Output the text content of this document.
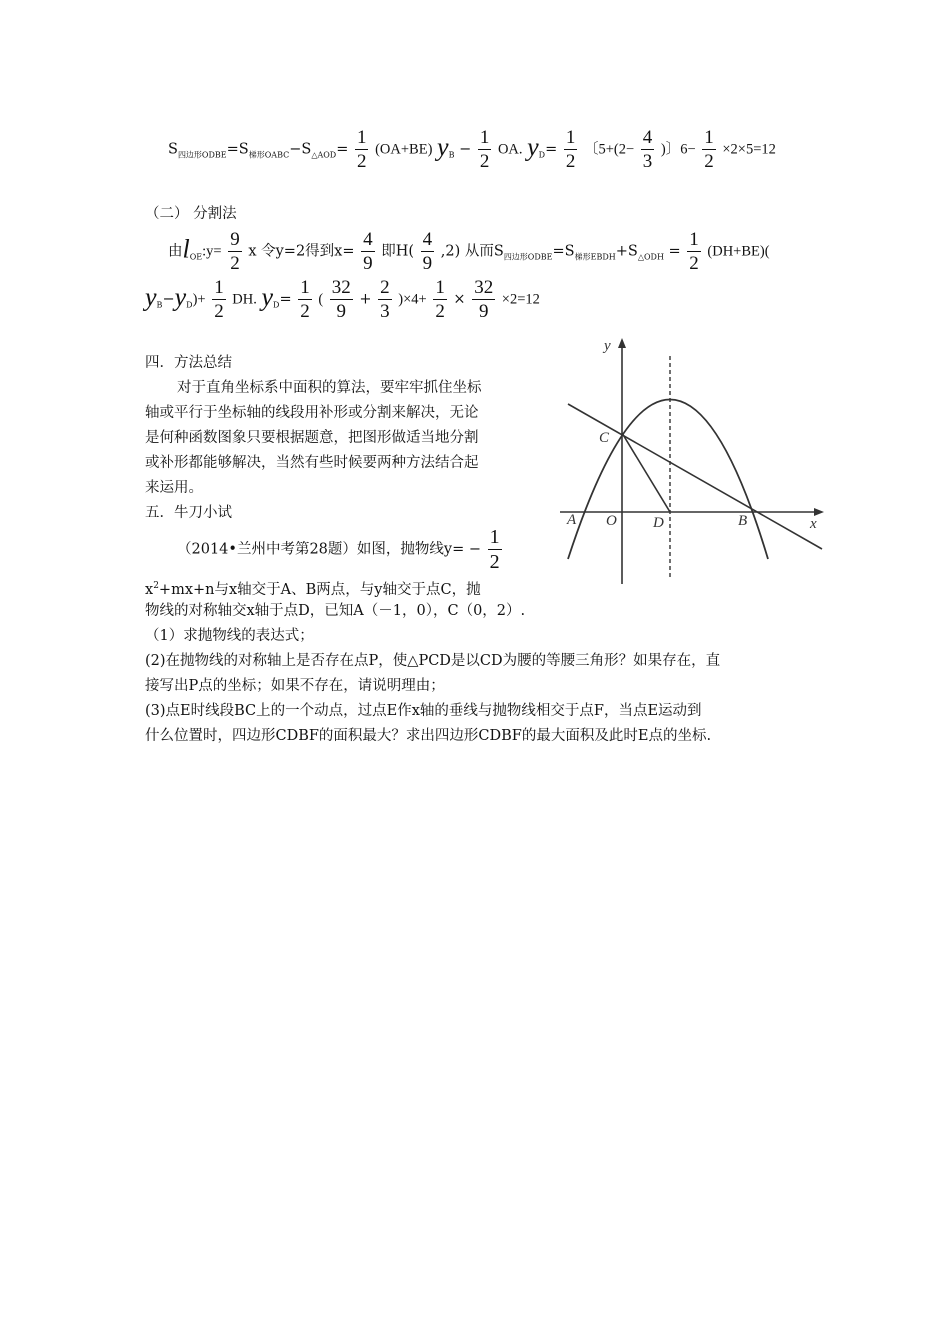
$S_{四边形ODBE}=S_{梯形OABC}-S_{\triangle AOD}= \frac{1}{2} (OA+BE) y_B - \frac{1}{2}$ OA. $y_D= \frac{1}{2}$ 〔$5+(2- \frac{4}{3}$ )〕$6- \frac{1}{2} \times 2\times 5=12$
（二） 分割法
由$l_{OE}:y= \frac{9}{2}$ x 令y=2得到$x= \frac{4}{9}$ 即$H( \frac{4}{9} ,2)$ 从而$S_{四边形ODBE}=S_{梯形EBDH}+S_{\triangle ODH} = \frac{1}{2} (DH+BE)$(
$y_B-y_D)+ \frac{1}{2}$ DH. $y_D= \frac{1}{2}$ ( $\frac{32}{9} + \frac{2}{3} )\times 4+ \frac{1}{2} \times \frac{32}{9} \times 2=12$
四．方法总结
对于直角坐标系中面积的算法，要牢牢抓住坐标
轴或平行于坐标轴的线段用补形或分割来解决，无论
是何种函数图象只要根据题意，把图形做适当地分割
或补形都能够解决，当然有些时候要两种方法结合起
来运用。
五．牛刀小试
（2014•兰州中考第28题）如图，抛物线$y= - \frac{1}{2}$
$x^2+mx+n$与x轴交于A、B两点，与y轴交于点C，抛
物线的对称轴交x轴于点D，已知A（－1，0），C（0，2）.
（1）求抛物线的表达式；
(2)在抛物线的对称轴上是否存在点P，使△PCD是以CD为腰的等腰三角形？如果存在，直
接写出P点的坐标；如果不存在，请说明理由；
(3)点E时线段BC上的一个动点，过点E作x轴的垂线与抛物线相交于点F，当点E运动到
什么位置时，四边形CDBF的面积最大？求出四边形CDBF的最大面积及此时E点的坐标.
y
x
C
A O D	B
